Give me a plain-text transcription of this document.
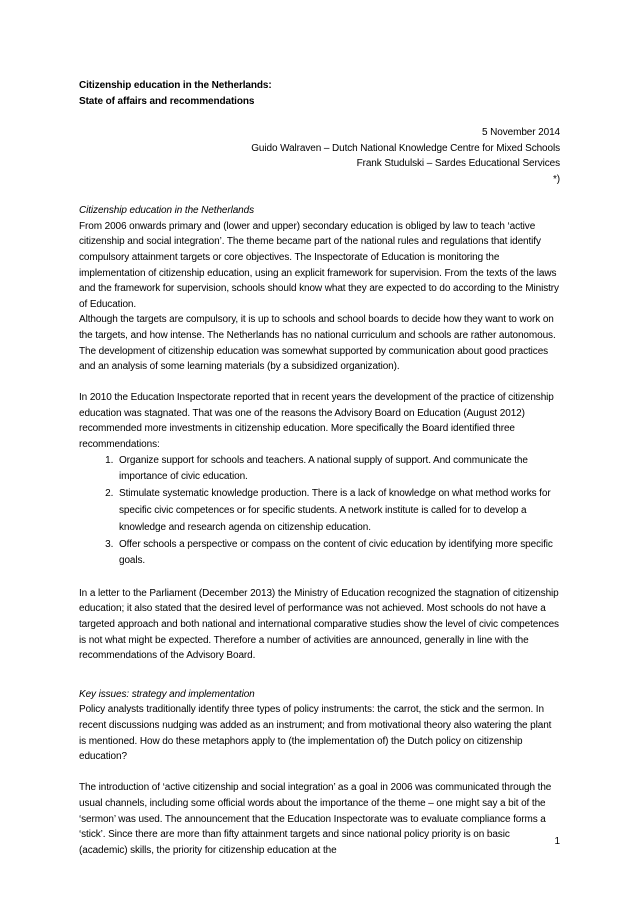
Citizenship education in the Netherlands:
State of affairs and recommendations
5 November 2014
Guido Walraven – Dutch National Knowledge Centre for Mixed Schools
Frank Studulski – Sardes Educational Services
*)
Citizenship education in the Netherlands

From 2006 onwards primary and (lower and upper) secondary education is obliged by law to teach ‘active citizenship and social integration’. The theme became part of the national rules and regulations that identify compulsory attainment targets or core objectives. The Inspectorate of Education is monitoring the implementation of citizenship education, using an explicit framework for supervision. From the texts of the laws and the framework for supervision, schools should know what they are expected to do according to the Ministry of Education.

Although the targets are compulsory, it is up to schools and school boards to decide how they want to work on the targets, and how intense. The Netherlands has no national curriculum and schools are rather autonomous. The development of citizenship education was somewhat supported by communication about good practices and an analysis of some learning materials (by a subsidized organization).

In 2010 the Education Inspectorate reported that in recent years the development of the practice of citizenship education was stagnated. That was one of the reasons the Advisory Board on Education (August 2012) recommended more investments in citizenship education. More specifically the Board identified three recommendations:

1. Organize support for schools and teachers. A national supply of support. And communicate the importance of civic education.
2. Stimulate systematic knowledge production. There is a lack of knowledge on what method works for specific civic competences or for specific students. A network institute is called for to develop a knowledge and research agenda on citizenship education.
3. Offer schools a perspective or compass on the content of civic education by identifying more specific goals.

In a letter to the Parliament (December 2013) the Ministry of Education recognized the stagnation of citizenship education; it also stated that the desired level of performance was not achieved. Most schools do not have a targeted approach and both national and international comparative studies show the level of civic competences is not what might be expected. Therefore a number of activities are announced, generally in line with the recommendations of the Advisory Board.

Key issues: strategy and implementation

Policy analysts traditionally identify three types of policy instruments: the carrot, the stick and the sermon. In recent discussions nudging was added as an instrument; and from motivational theory also watering the plant is mentioned. How do these metaphors apply to (the implementation of) the Dutch policy on citizenship education?

The introduction of ‘active citizenship and social integration’ as a goal in 2006 was communicated through the usual channels, including some official words about the importance of the theme – one might say a bit of the ‘sermon’ was used. The announcement that the Education Inspectorate was to evaluate compliance forms a ‘stick’. Since there are more than fifty attainment targets and since national policy priority is on basic (academic) skills, the priority for citizenship education at the

1
